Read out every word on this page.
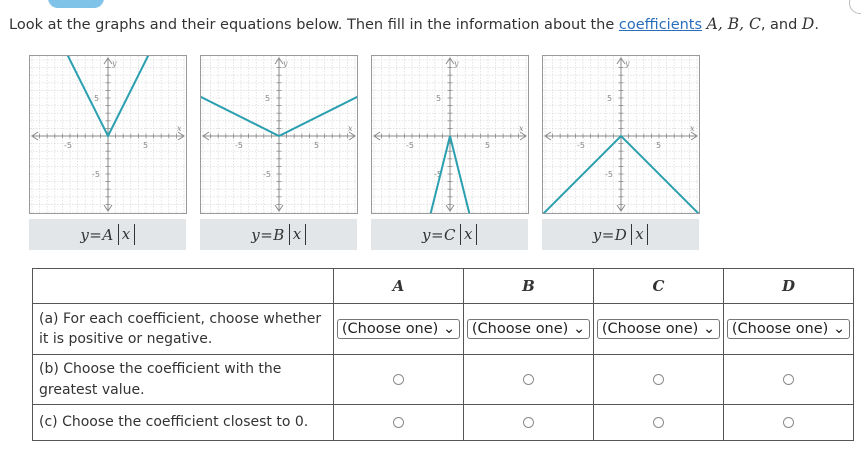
Look at the graphs and their equations below. Then fill in the information about the coefficients A, B, C, and D.
5
-5
5
-5
x
y
5
-5
5
-5
x
y
5
-5
5
-5
x
y
5
-5
5
-5
x
y
y=A x	y=B x	y=C x	y=D x
	A	B	C	D
(a) For each coefficient, choose whether it is positive or negative.	(Choose one) ⌄	(Choose one) ⌄	(Choose one) ⌄	(Choose one) ⌄
(b) Choose the coefficient with the greatest value.				
(c) Choose the coefficient closest to 0.				
